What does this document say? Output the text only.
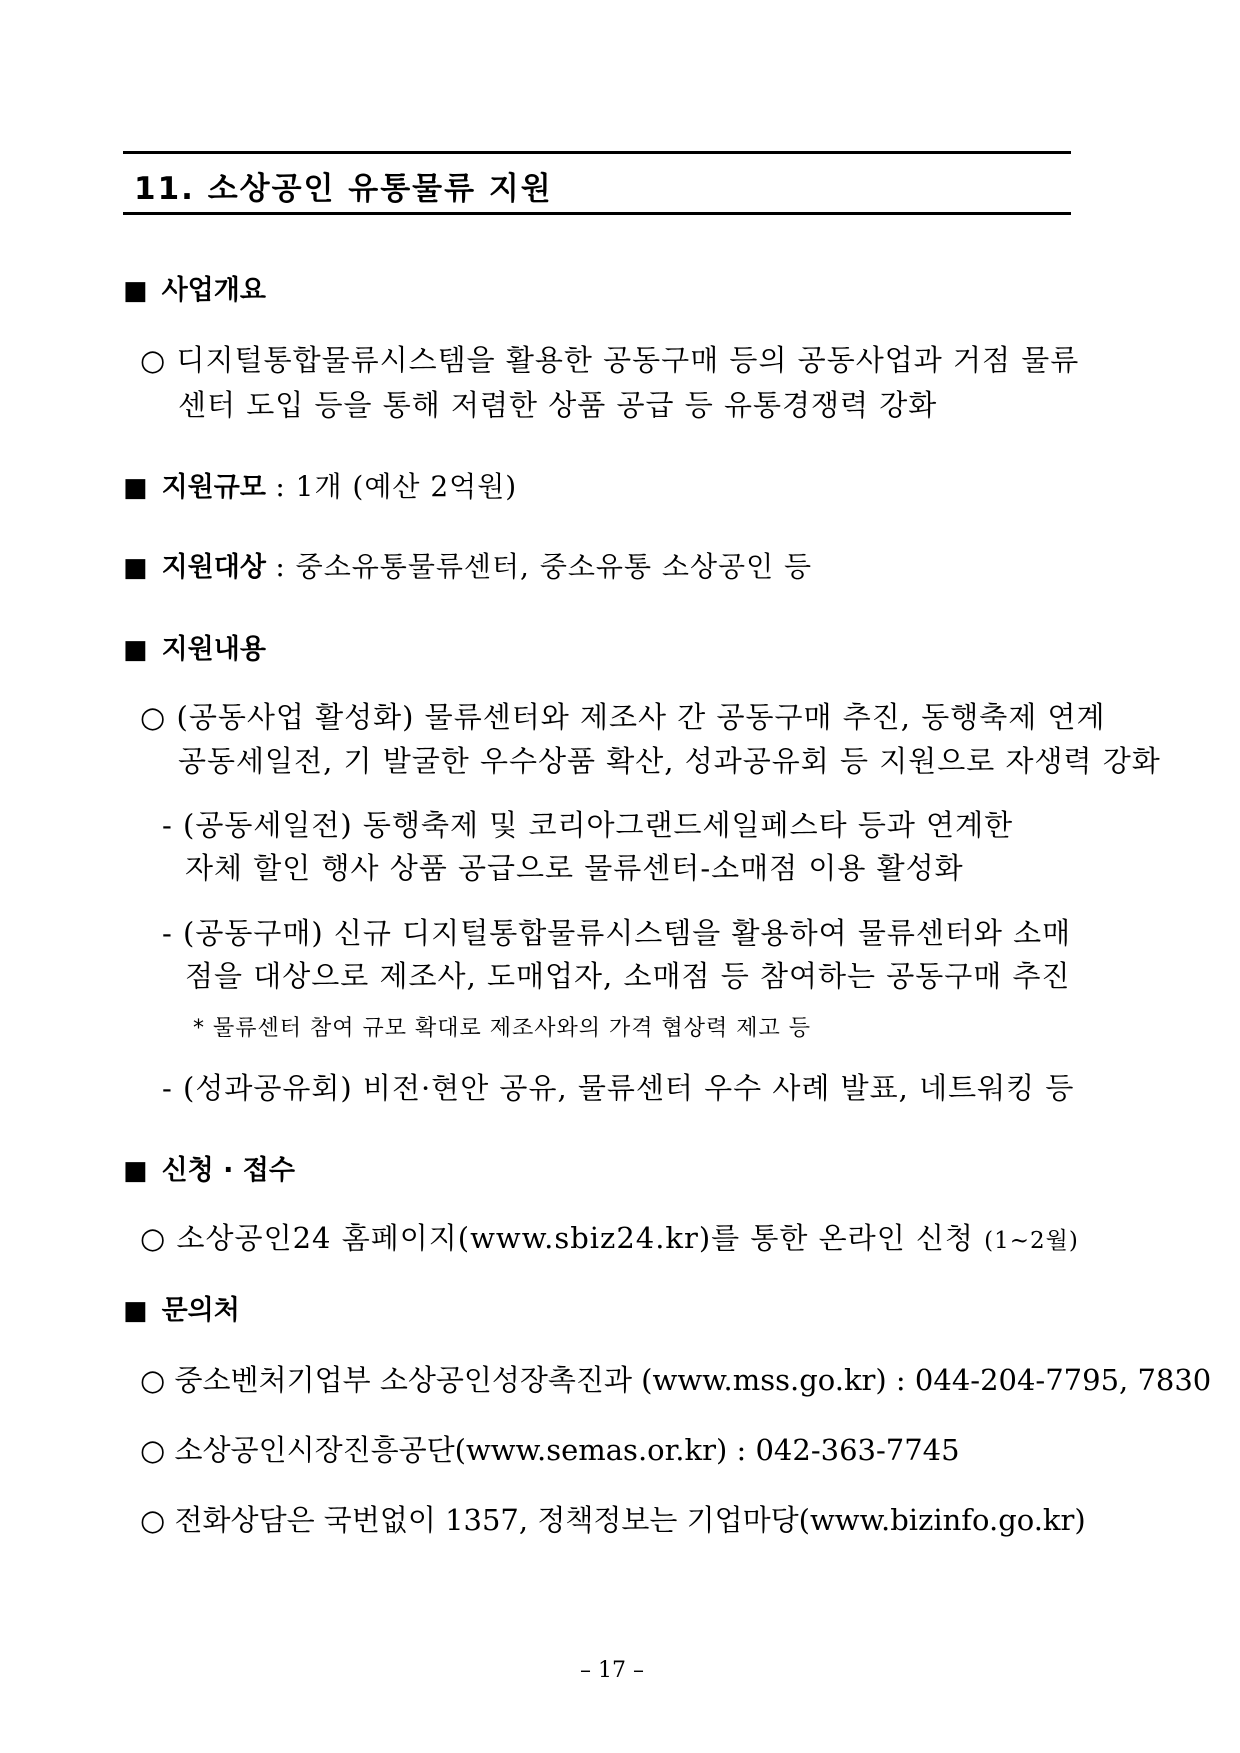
11. 소상공인 유통물류 지원
■ 사업개요
○ 디지털통합물류시스템을 활용한 공동구매 등의 공동사업과 거점 물류
센터 도입 등을 통해 저렴한 상품 공급 등 유통경쟁력 강화
■ 지원규모 : 1개 (예산 2억원)
■ 지원대상 : 중소유통물류센터, 중소유통 소상공인 등
■ 지원내용
○ (공동사업 활성화) 물류센터와 제조사 간 공동구매 추진, 동행축제 연계
공동세일전, 기 발굴한 우수상품 확산, 성과공유회 등 지원으로 자생력 강화
- (공동세일전) 동행축제 및 코리아그랜드세일페스타 등과 연계한
자체 할인 행사 상품 공급으로 물류센터-소매점 이용 활성화
- (공동구매) 신규 디지털통합물류시스템을 활용하여 물류센터와 소매
점을 대상으로 제조사, 도매업자, 소매점 등 참여하는 공동구매 추진
* 물류센터 참여 규모 확대로 제조사와의 가격 협상력 제고 등
- (성과공유회) 비전·현안 공유, 물류센터 우수 사례 발표, 네트워킹 등
■ 신청 · 접수
○ 소상공인24 홈페이지(www.sbiz24.kr)를 통한 온라인 신청 (1~2월)
■ 문의처
○ 중소벤처기업부 소상공인성장촉진과 (www.mss.go.kr) : 044-204-7795, 7830
○ 소상공인시장진흥공단(www.semas.or.kr) : 042-363-7745
○ 전화상담은 국번없이 1357, 정책정보는 기업마당(www.bizinfo.go.kr)
– 17 –
